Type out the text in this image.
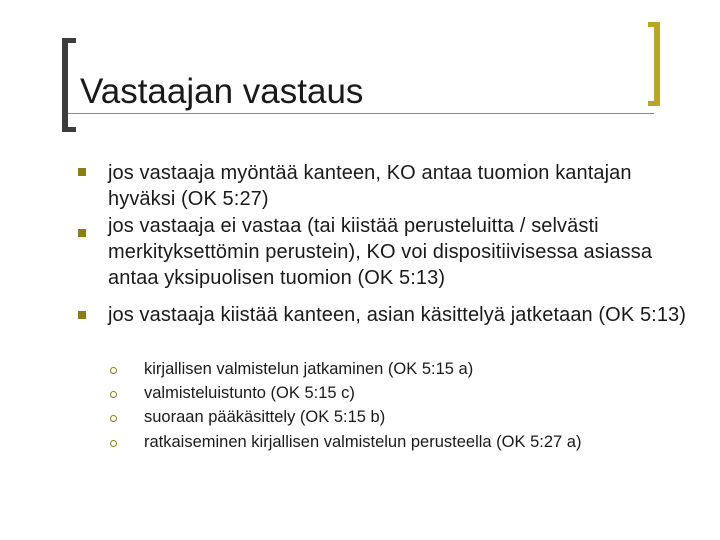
Vastaajan vastaus
jos vastaaja myöntää kanteen, KO antaa tuomion kantajan hyväksi (OK 5:27)
jos vastaaja ei vastaa (tai kiistää perusteluitta / selvästi merkityksettömin perustein), KO voi dispositiivisessa asiassa antaa yksipuolisen tuomion (OK 5:13)
jos vastaaja kiistää kanteen, asian käsittelyä jatketaan (OK 5:13)
kirjallisen valmistelun jatkaminen (OK 5:15 a)
valmisteluistunto (OK 5:15 c)
suoraan pääkäsittely (OK 5:15 b)
ratkaiseminen kirjallisen valmistelun perusteella (OK 5:27 a)
